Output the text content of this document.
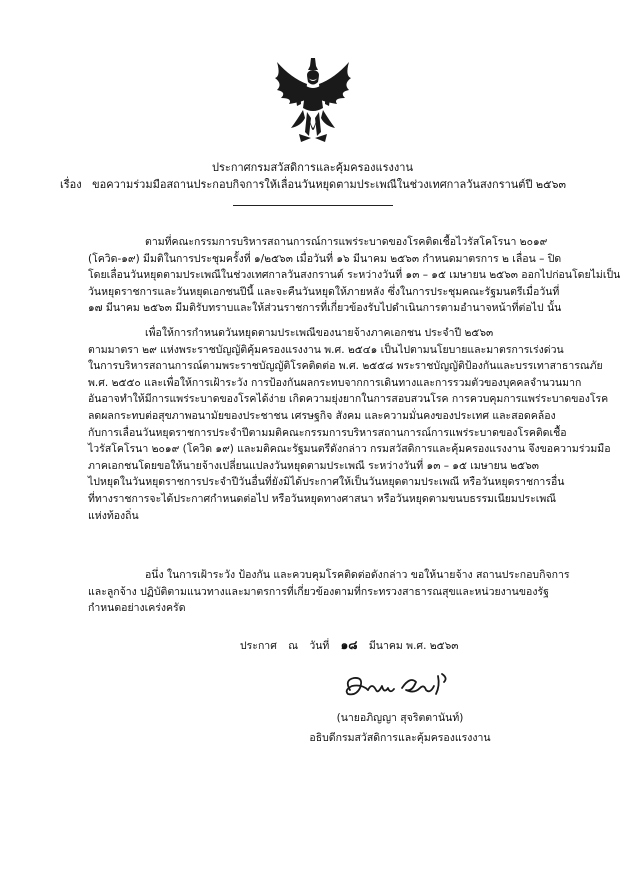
ประกาศกรมสวัสดิการและคุ้มครองแรงงาน
เรื่อง ขอความร่วมมือสถานประกอบกิจการให้เลื่อนวันหยุดตามประเพณีในช่วงเทศกาลวันสงกรานต์ปี ๒๕๖๓
ตามที่คณะกรรมการบริหารสถานการณ์การแพร่ระบาดของโรคติดเชื้อไวรัสโคโรนา ๒๐๑๙
(โควิด-๑๙) มีมติในการประชุมครั้งที่ ๑/๒๕๖๓ เมื่อวันที่ ๑๖ มีนาคม ๒๕๖๓ กำหนดมาตรการ ๒ เลื่อน – ปิด
โดยเลื่อนวันหยุดตามประเพณีในช่วงเทศกาลวันสงกรานต์ ระหว่างวันที่ ๑๓ – ๑๕ เมษายน ๒๕๖๓ ออกไปก่อนโดยไม่เป็น
วันหยุดราชการและวันหยุดเอกชนปีนี้ และจะคืนวันหยุดให้ภายหลัง ซึ่งในการประชุมคณะรัฐมนตรีเมื่อวันที่
๑๗ มีนาคม ๒๕๖๓ มีมติรับทราบและให้ส่วนราชการที่เกี่ยวข้องรับไปดำเนินการตามอำนาจหน้าที่ต่อไป นั้น
เพื่อให้การกำหนดวันหยุดตามประเพณีของนายจ้างภาคเอกชน ประจำปี ๒๕๖๓
ตามมาตรา ๒๙ แห่งพระราชบัญญัติคุ้มครองแรงงาน พ.ศ. ๒๕๔๑ เป็นไปตามนโยบายและมาตรการเร่งด่วน
ในการบริหารสถานการณ์ตามพระราชบัญญัติโรคติดต่อ พ.ศ. ๒๕๕๘ พระราชบัญญัติป้องกันและบรรเทาสาธารณภัย
พ.ศ. ๒๕๕๐ และเพื่อให้การเฝ้าระวัง การป้องกันผลกระทบจากการเดินทางและการรวมตัวของบุคคลจำนวนมาก
อันอาจทำให้มีการแพร่ระบาดของโรคได้ง่าย เกิดความยุ่งยากในการสอบสวนโรค การควบคุมการแพร่ระบาดของโรค
ลดผลกระทบต่อสุขภาพอนามัยของประชาชน เศรษฐกิจ สังคม และความมั่นคงของประเทศ และสอดคล้อง
กับการเลื่อนวันหยุดราชการประจำปีตามมติคณะกรรมการบริหารสถานการณ์การแพร่ระบาดของโรคติดเชื้อ
ไวรัสโคโรนา ๒๐๑๙ (โควิด ๑๙) และมติคณะรัฐมนตรีดังกล่าว กรมสวัสดิการและคุ้มครองแรงงาน จึงขอความร่วมมือ
ภาคเอกชนโดยขอให้นายจ้างเปลี่ยนแปลงวันหยุดตามประเพณี ระหว่างวันที่ ๑๓ – ๑๕ เมษายน ๒๕๖๓
ไปหยุดในวันหยุดราชการประจำปีวันอื่นที่ยังมิได้ประกาศให้เป็นวันหยุดตามประเพณี หรือวันหยุดราชการอื่น
ที่ทางราชการจะได้ประกาศกำหนดต่อไป หรือวันหยุดทางศาสนา หรือวันหยุดตามขนบธรรมเนียมประเพณี
แห่งท้องถิ่น
อนึ่ง ในการเฝ้าระวัง ป้องกัน และควบคุมโรคติดต่อดังกล่าว ขอให้นายจ้าง สถานประกอบกิจการ
และลูกจ้าง ปฏิบัติตามแนวทางและมาตรการที่เกี่ยวข้องตามที่กระทรวงสาธารณสุขและหน่วยงานของรัฐ
กำหนดอย่างเคร่งครัด
ประกาศ ณ วันที่ ๑๘ มีนาคม พ.ศ. ๒๕๖๓
(นายอภิญญา สุจริตตานันท์)
อธิบดีกรมสวัสดิการและคุ้มครองแรงงาน
